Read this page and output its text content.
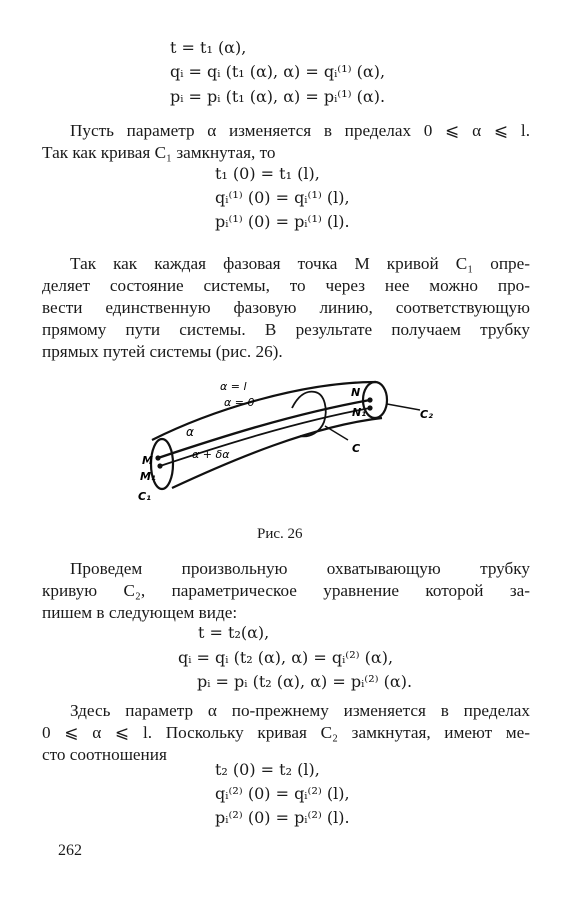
t = t₁ (α),
qᵢ = qᵢ (t₁ (α), α) = qᵢ⁽¹⁾ (α),
pᵢ = pᵢ (t₁ (α), α) = pᵢ⁽¹⁾ (α).

Пусть параметр α изменяется в пределах 0 ⩽ α ⩽ l.

Так как кривая C₁ замкнутая, то

t₁ (0) = t₁ (l),
qᵢ⁽¹⁾ (0) = qᵢ⁽¹⁾ (l),
pᵢ⁽¹⁾ (0) = pᵢ⁽¹⁾ (l).

Так как каждая фазовая точка M кривой C₁ опре-

деляет состояние системы, то через нее можно про-

вести единственную фазовую линию, соответствующую

прямому пути системы. В результате получаем трубку

прямых путей системы (рис. 26).

α = l
α = 0
α
α + δα
N
N₁
M
M₁
C
C₁
C₂
Рис. 26

Проведем произвольную охватывающую трубку

кривую C₂, параметрическое уравнение которой за-

пишем в следующем виде:

t = t₂(α),
qᵢ = qᵢ (t₂ (α), α) = qᵢ⁽²⁾ (α),
pᵢ = pᵢ (t₂ (α), α) = pᵢ⁽²⁾ (α).

Здесь параметр α по-прежнему изменяется в пределах

0 ⩽ α ⩽ l. Поскольку кривая C₂ замкнутая, имеют ме-

сто соотношения

t₂ (0) = t₂ (l),
qᵢ⁽²⁾ (0) = qᵢ⁽²⁾ (l),
pᵢ⁽²⁾ (0) = pᵢ⁽²⁾ (l).
262
